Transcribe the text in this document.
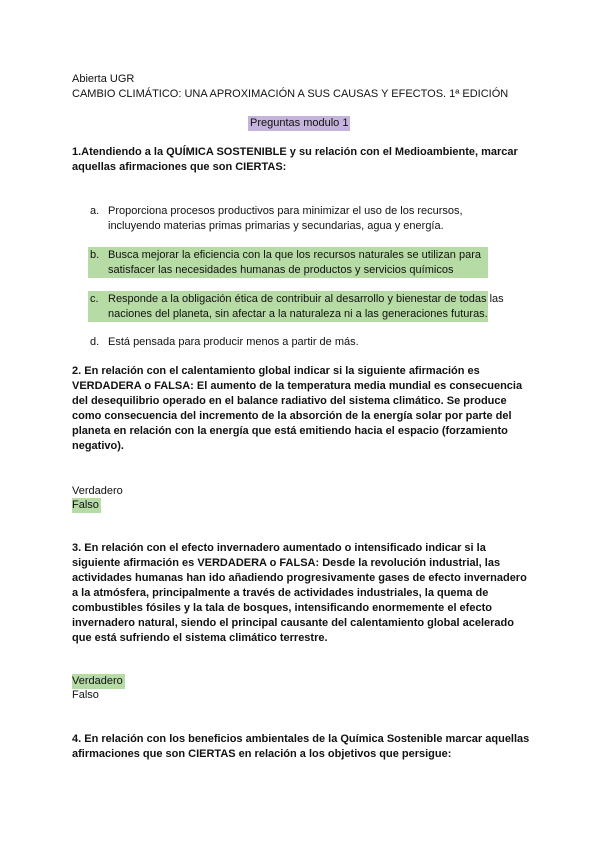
Abierta UGR
CAMBIO CLIMÁTICO: UNA APROXIMACIÓN A SUS CAUSAS Y EFECTOS. 1ª EDICIÓN
Preguntas modulo 1
1.Atendiendo a la QUÍMICA SOSTENIBLE y su relación con el Medioambiente, marcar aquellas afirmaciones que son CIERTAS:
a. Proporciona procesos productivos para minimizar el uso de los recursos, incluyendo materias primas primarias y secundarias, agua y energía.
b. Busca mejorar la eficiencia con la que los recursos naturales se utilizan para satisfacer las necesidades humanas de productos y servicios químicos
c. Responde a la obligación ética de contribuir al desarrollo y bienestar de todas las naciones del planeta, sin afectar a la naturaleza ni a las generaciones futuras.
d. Está pensada para producir menos a partir de más.
2. En relación con el calentamiento global indicar si la siguiente afirmación es VERDADERA o FALSA: El aumento de la temperatura media mundial es consecuencia del desequilibrio operado en el balance radiativo del sistema climático. Se produce como consecuencia del incremento de la absorción de la energía solar por parte del planeta en relación con la energía que está emitiendo hacia el espacio (forzamiento negativo).
Verdadero
Falso
3. En relación con el efecto invernadero aumentado o intensificado indicar si la siguiente afirmación es VERDADERA o FALSA: Desde la revolución industrial, las actividades humanas han ido añadiendo progresivamente gases de efecto invernadero a la atmósfera, principalmente a través de actividades industriales, la quema de combustibles fósiles y la tala de bosques, intensificando enormemente el efecto invernadero natural, siendo el principal causante del calentamiento global acelerado que está sufriendo el sistema climático terrestre.
Verdadero
Falso
4. En relación con los beneficios ambientales de la Química Sostenible marcar aquellas afirmaciones que son CIERTAS en relación a los objetivos que persigue:
